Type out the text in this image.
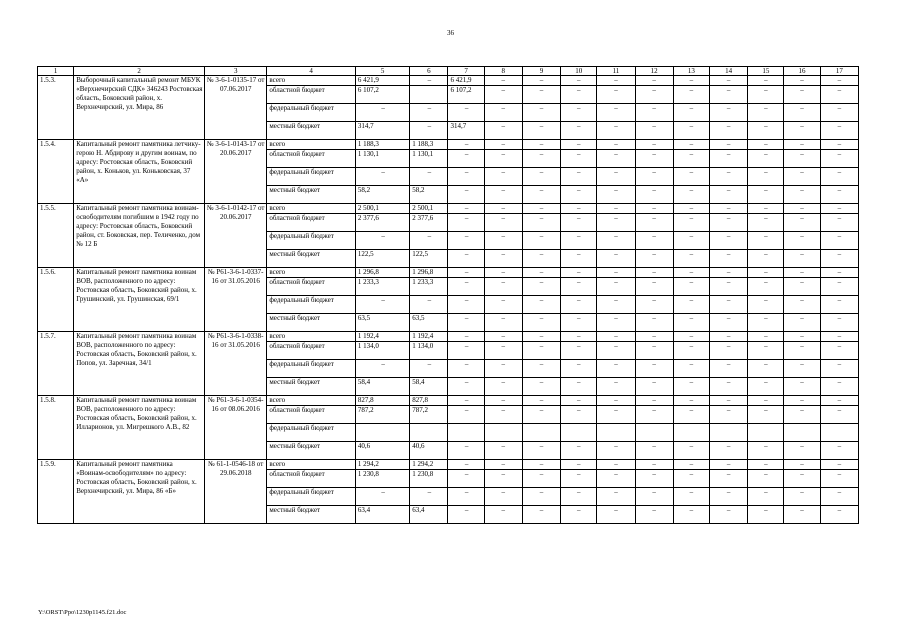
36
1	2	3	4	5	6	7	8	9	10	11	12	13	14	15	16	17
1.5.3.	Выборочный капитальный ремонт МБУК «Верхнечирский СДК» 346243 Ростовская область, Боковский район, х. Верхнечирский, ул. Мира, 86	№ 3-6-1-0135-17 от 07.06.2017	всего	6 421,9	–	6 421,9	–	–	–	–	–	–	–	–	–	–
			областной бюджет	6 107,2		6 107,2	–	–	–	–	–	–	–	–	–	–
			федеральный бюджет	–	–	–	–	–	–	–	–	–	–	–	–	–
			местный бюджет	314,7	–	314,7	–	–	–	–	–	–	–	–	–	–
1.5.4.	Капитальный ремонт памятника летчику-герою Н. Абдирову и другим воинам, по адресу: Ростовская область, Боковский район, х. Коньков, ул. Коньковская, 37 «А»	№ 3-6-1-0143-17 от 20.06.2017	всего	1 188,3	1 188,3	–	–	–	–	–	–	–	–	–	–	–
			областной бюджет	1 130,1	1 130,1	–	–	–	–	–	–	–	–	–	–	–
			федеральный бюджет	–	–	–	–	–	–	–	–	–	–	–	–	–
			местный бюджет	58,2	58,2	–	–	–	–	–	–	–	–	–	–	–
1.5.5.	Капитальный ремонт памятника воинам-освободителям погибшим в 1942 году по адресу: Ростовская область, Боковский район, ст. Боковская, пер. Теличенко, дом № 12 Б	№ 3-6-1-0142-17 от 20.06.2017	всего	2 500,1	2 500,1	–	–	–	–	–	–	–	–	–	–	–
			областной бюджет	2 377,6	2 377,6	–	–	–	–	–	–	–	–	–	–	–
			федеральный бюджет	–	–	–	–	–	–	–	–	–	–	–	–	–
			местный бюджет	122,5	122,5	–	–	–	–	–	–	–	–	–	–	–
1.5.6.	Капитальный ремонт памятника воинам ВОВ, расположенного по адресу: Ростовская область, Боковский район, х. Грушинский, ул. Грушинская, 69/1	№ Р61-3-6-1-0337-16 от 31.05.2016	всего	1 296,8	1 296,8	–	–	–	–	–	–	–	–	–	–	–
			областной бюджет	1 233,3	1 233,3	–	–	–	–	–	–	–	–	–	–	–
			федеральный бюджет	–	–	–	–	–	–	–	–	–	–	–	–	–
			местный бюджет	63,5	63,5	–	–	–	–	–	–	–	–	–	–	–
1.5.7.	Капитальный ремонт памятника воинам ВОВ, расположенного по адресу: Ростовская область, Боковский район, х. Попов, ул. Заречная, 34/1	№ Р61-3-6-1-0338-16 от 31.05.2016	всего	1 192,4	1 192,4	–	–	–	–	–	–	–	–	–	–	–
			областной бюджет	1 134,0	1 134,0	–	–	–	–	–	–	–	–	–	–	–
			федеральный бюджет	–	–	–	–	–	–	–	–	–	–	–	–	–
			местный бюджет	58,4	58,4	–	–	–	–	–	–	–	–	–	–	–
1.5.8.	Капитальный ремонт памятника воинам ВОВ, расположенного по адресу: Ростовская область, Боковский район, х. Илларионов, ул. Мигрешкого А.В., 82	№ Р61-3-6-1-0354-16 от 08.06.2016	всего	827,8	827,8	–	–	–	–	–	–	–	–	–	–	–
			областной бюджет	787,2	787,2	–	–	–	–	–	–	–	–	–	–	–
			федеральный бюджет													
			местный бюджет	40,6	40,6	–	–	–	–	–	–	–	–	–	–	–
1.5.9.	Капитальный ремонт памятника «Воинам-освободителям» по адресу: Ростовская область, Боковский район, х. Верхнечирский, ул. Мира, 86 «Б»	№ 61-1-0546-18 от 29.06.2018	всего	1 294,2	1 294,2	–	–	–	–	–	–	–	–	–	–	–
			областной бюджет	1 230,8	1 230,8	–	–	–	–	–	–	–	–	–	–	–
			федеральный бюджет	–	–	–	–	–	–	–	–	–	–	–	–	–
			местный бюджет	63,4	63,4	–	–	–	–	–	–	–	–	–	–	–
Y:\ORST\Ppo\1230p1145.f21.doc
